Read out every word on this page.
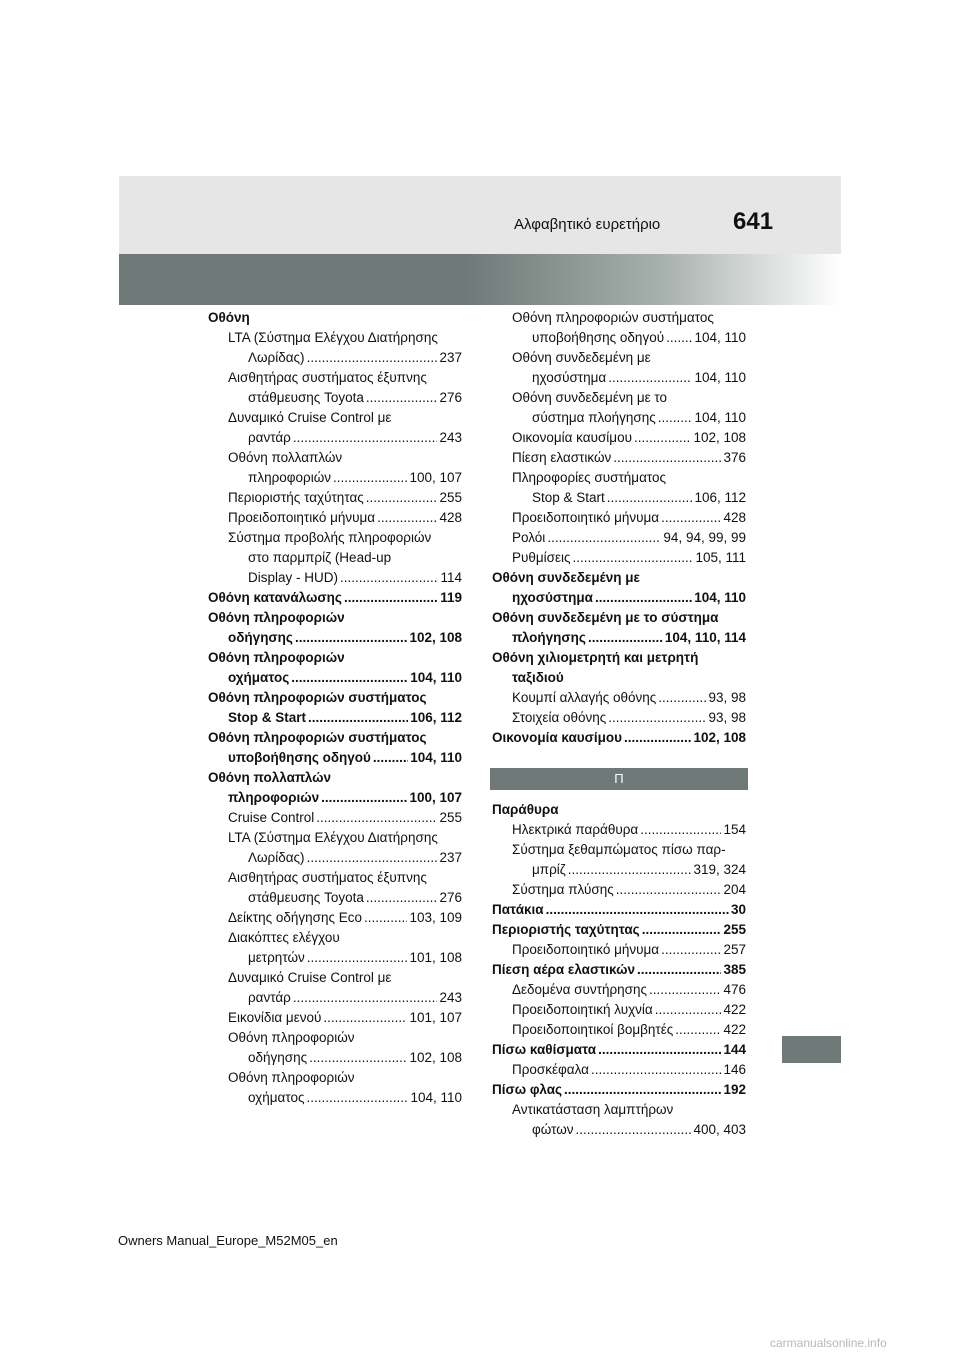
Αλφαβητικό ευρετήριο	641
Οθόνη
LTA (Σύστημα Ελέγχου Διατήρησης
Λωρίδας) .....	237
Αισθητήρας συστήματος έξυπνης
στάθμευσης Toyota .....	276
Δυναμικό Cruise Control με
ραντάρ .....	243
Οθόνη πολλαπλών
πληροφοριών .....	100, 107
Περιοριστής ταχύτητας .....	255
Προειδοποιητικό μήνυμα .....	428
Σύστημα προβολής πληροφοριών
στο παρμπρίζ (Head-up
Display - HUD) .....	114
Οθόνη κατανάλωσης .....	119
Οθόνη πληροφοριών
οδήγησης .....	102, 108
Οθόνη πληροφοριών
οχήματος .....	104, 110
Οθόνη πληροφοριών συστήματος
Stop & Start .....	106, 112
Οθόνη πληροφοριών συστήματος
υποβοήθησης οδηγού .....	104, 110
Οθόνη πολλαπλών
πληροφοριών .....	100, 107
Cruise Control .....	255
LTA (Σύστημα Ελέγχου Διατήρησης
Λωρίδας) .....	237
Αισθητήρας συστήματος έξυπνης
στάθμευσης Toyota .....	276
Δείκτης οδήγησης Eco .....	103, 109
Διακόπτες ελέγχου
μετρητών .....	101, 108
Δυναμικό Cruise Control με
ραντάρ .....	243
Εικονίδια μενού .....	101, 107
Οθόνη πληροφοριών
οδήγησης .....	102, 108
Οθόνη πληροφοριών
οχήματος .....	104, 110
Οθόνη πληροφοριών συστήματος
υποβοήθησης οδηγού ..... 104, 110
Οθόνη συνδεδεμένη με
ηχοσύστημα .....	104, 110
Οθόνη συνδεδεμένη με το
σύστημα πλοήγησης .....	104, 110
Οικονομία καυσίμου .....	102, 108
Πίεση ελαστικών .....	376
Πληροφορίες συστήματος
Stop & Start .....	106, 112
Προειδοποιητικό μήνυμα .....	428
Ρολόι .....	94, 94, 99, 99
Ρυθμίσεις .....	105, 111
Οθόνη συνδεδεμένη με
ηχοσύστημα .....	104, 110
Οθόνη συνδεδεμένη με το σύστημα
πλοήγησης .....	104, 110, 114
Οθόνη χιλιομετρητή και μετρητή
ταξιδιού
Κουμπί αλλαγής οθόνης .....	93, 98
Στοιχεία οθόνης .....	93, 98
Οικονομία καυσίμου .....	102, 108
Π
Παράθυρα
Ηλεκτρικά παράθυρα .....	154
Σύστημα ξεθαμπώματος πίσω παρ-
μπρίζ .....	319, 324
Σύστημα πλύσης .....	204
Πατάκια .....	30
Περιοριστής ταχύτητας .....	255
Προειδοποιητικό μήνυμα .....	257
Πίεση αέρα ελαστικών .....	385
Δεδομένα συντήρησης .....	476
Προειδοποιητική λυχνία .....	422
Προειδοποιητικοί βομβητές .....	422
Πίσω καθίσματα .....	144
Προσκέφαλα .....	146
Πίσω φλας .....	192
Αντικατάσταση λαμπτήρων
φώτων .....	400, 403
Owners Manual_Europe_M52M05_en
carmanualsonline.info
